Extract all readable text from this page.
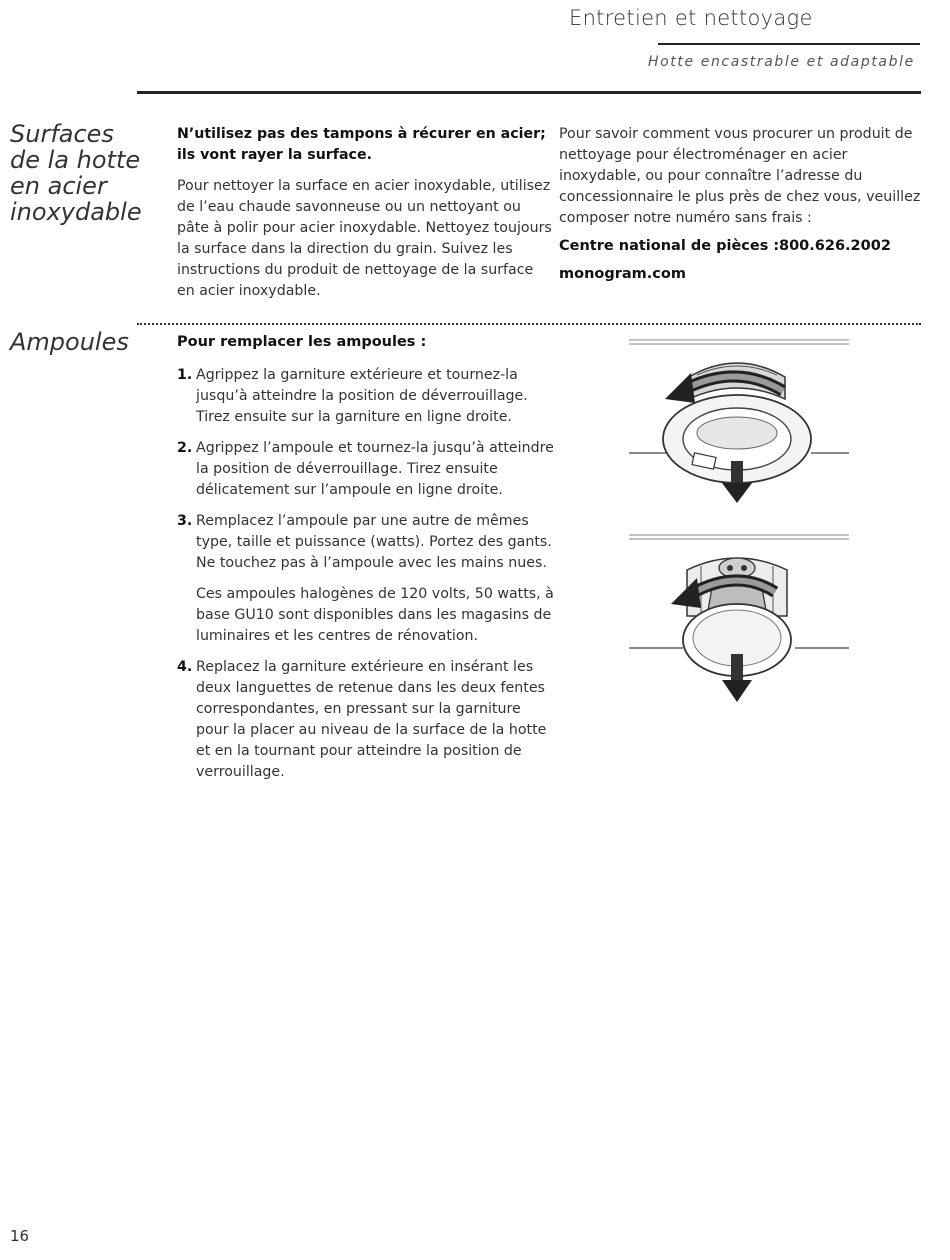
Entretien et nettoyage
Hotte encastrable et adaptable
Surfaces
de la hotte
en acier
inoxydable
N’utilisez pas des tampons à récurer en acier; ils vont rayer la surface.
Pour nettoyer la surface en acier inoxydable, utilisez de l’eau chaude savonneuse ou un nettoyant ou pâte à polir pour acier inoxydable. Nettoyez toujours la surface dans la direction du grain. Suivez les instructions du produit de nettoyage de la surface en acier inoxydable.
Pour savoir comment vous procurer un produit de nettoyage pour électroménager en acier inoxydable, ou pour connaître l’adresse du concessionnaire le plus près de chez vous, veuillez composer notre numéro sans frais :
Centre national de pièces : 800.626.2002
monogram.com
Ampoules	Pour remplacer les ampoules :
1. Agrippez la garniture extérieure et tournez-la jusqu’à atteindre la position de déverrouillage. Tirez ensuite sur la garniture en ligne droite.
2. Agrippez l’ampoule et tournez-la jusqu’à atteindre la position de déverrouillage. Tirez ensuite délicatement sur l’ampoule en ligne droite.
3. Remplacez l’ampoule par une autre de mêmes type, taille et puissance (watts). Portez des gants. Ne touchez pas à l’ampoule avec les mains nues.
Ces ampoules halogènes de 120 volts, 50 watts, à base GU10 sont disponibles dans les magasins de luminaires et les centres de rénovation.
4. Replacez la garniture extérieure en insérant les deux languettes de retenue dans les deux fentes correspondantes, en pressant sur la garniture pour la placer au niveau de la surface de la hotte et en la tournant pour atteindre la position de verrouillage.
16
